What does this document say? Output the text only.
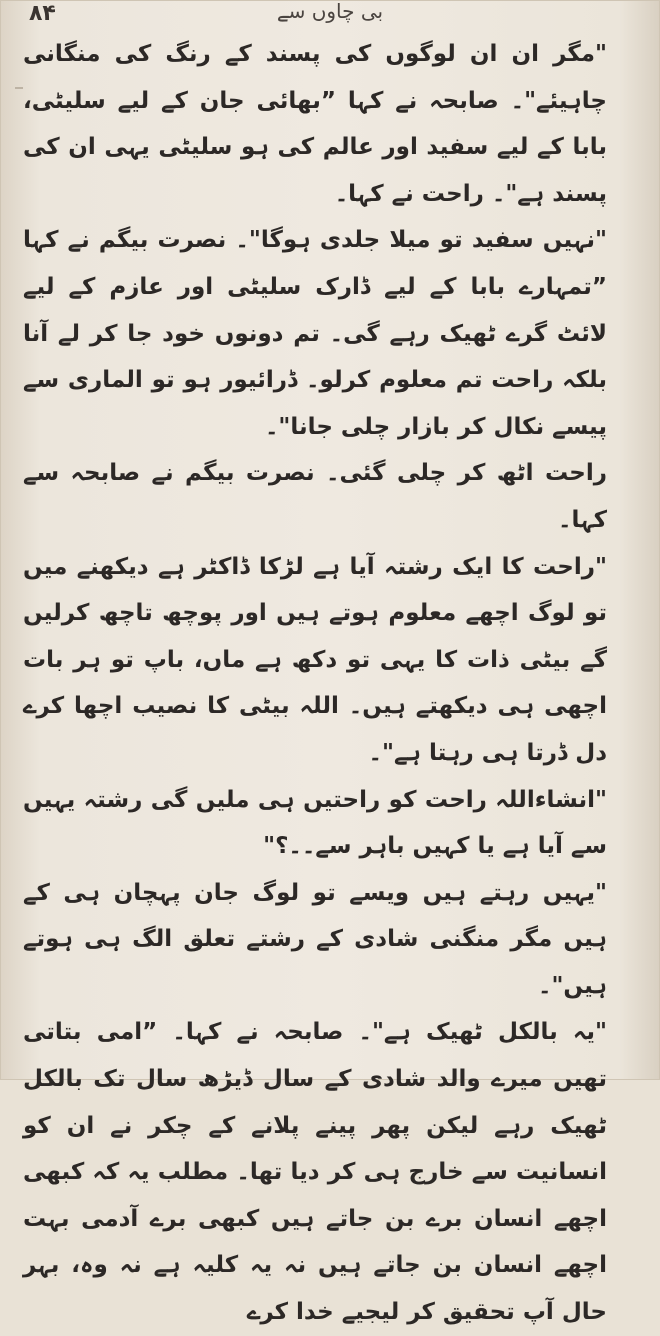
۸۴	بی چاوں سے

"مگر ان ان لوگوں کی پسند کے رنگ کی منگانی چاہیئے"۔ صابحہ نے کہا ”بھائی جان کے لیے سلیٹی، بابا کے لیے سفید اور عالم کی ہو سلیٹی یہی ان کی پسند ہے"۔ راحت نے کہا۔

"نہیں سفید تو میلا جلدی ہوگا"۔ نصرت بیگم نے کہا ”تمہارے بابا کے لیے ڈارک سلیٹی اور عازم کے لیے لائٹ گرے ٹھیک رہے گی۔ تم دونوں خود جا کر لے آنا بلکہ راحت تم معلوم کرلو۔ ڈرائیور ہو تو الماری سے پیسے نکال کر بازار چلی جانا"۔

راحت اٹھ کر چلی گئی۔ نصرت بیگم نے صابحہ سے کہا۔

"راحت کا ایک رشتہ آیا ہے لڑکا ڈاکٹر ہے دیکھنے میں تو لوگ اچھے معلوم ہوتے ہیں اور پوچھ تاچھ کرلیں گے بیٹی ذات کا یہی تو دکھ ہے ماں، باپ تو ہر بات اچھی ہی دیکھتے ہیں۔ اللہ بیٹی کا نصیب اچھا کرے دل ڈرتا ہی رہتا ہے"۔

"انشاءاللہ راحت کو راحتیں ہی ملیں گی رشتہ یہیں سے آیا ہے یا کہیں باہر سے۔۔؟"

"یہیں رہتے ہیں ویسے تو لوگ جان پہچان ہی کے ہیں مگر منگنی شادی کے رشتے تعلق الگ ہی ہوتے ہیں"۔

"یہ بالکل ٹھیک ہے"۔ صابحہ نے کہا۔ ”امی بتاتی تھیں میرے والد شادی کے سال ڈیڑھ سال تک بالکل ٹھیک رہے لیکن پھر پینے پلانے کے چکر نے ان کو انسانیت سے خارج ہی کر دیا تھا۔ مطلب یہ کہ کبھی اچھے انسان برے بن جاتے ہیں کبھی برے آدمی بہت اچھے انسان بن جاتے ہیں نہ یہ کلیہ ہے نہ وہ، بہر حال آپ تحقیق کر لیجیے خدا کرے
